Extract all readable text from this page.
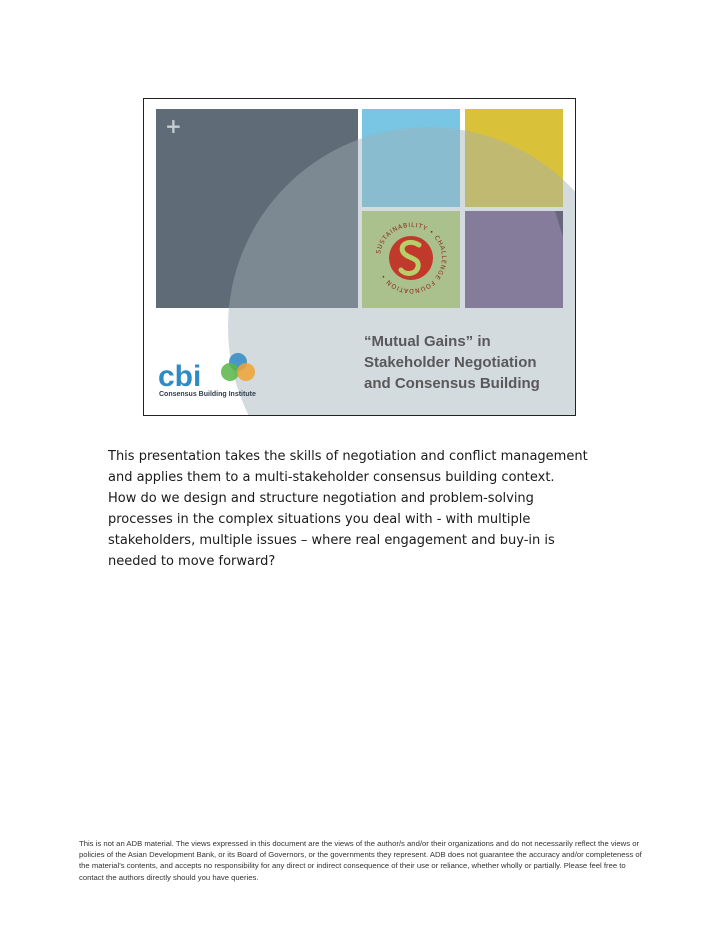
+
SUSTAINABILITY • CHALLENGE FOUNDATION •
cbi
Consensus Building Institute
“Mutual Gains” in
Stakeholder Negotiation
and Consensus Building
This presentation takes the skills of negotiation and conflict management
and applies them to a multi-stakeholder consensus building context.
How do we design and structure negotiation and problem-solving
processes in the complex situations you deal with - with multiple
stakeholders, multiple issues – where real engagement and buy-in is
needed to move forward?
This is not an ADB material. The views expressed in this document are the views of the author/s and/or their organizations and do not necessarily reflect the views or
policies of the Asian Development Bank, or its Board of Governors, or the governments they represent. ADB does not guarantee the accuracy and/or completeness of
the material’s contents, and accepts no responsibility for any direct or indirect consequence of their use or reliance, whether wholly or partially. Please feel free to
contact the authors directly should you have queries.
